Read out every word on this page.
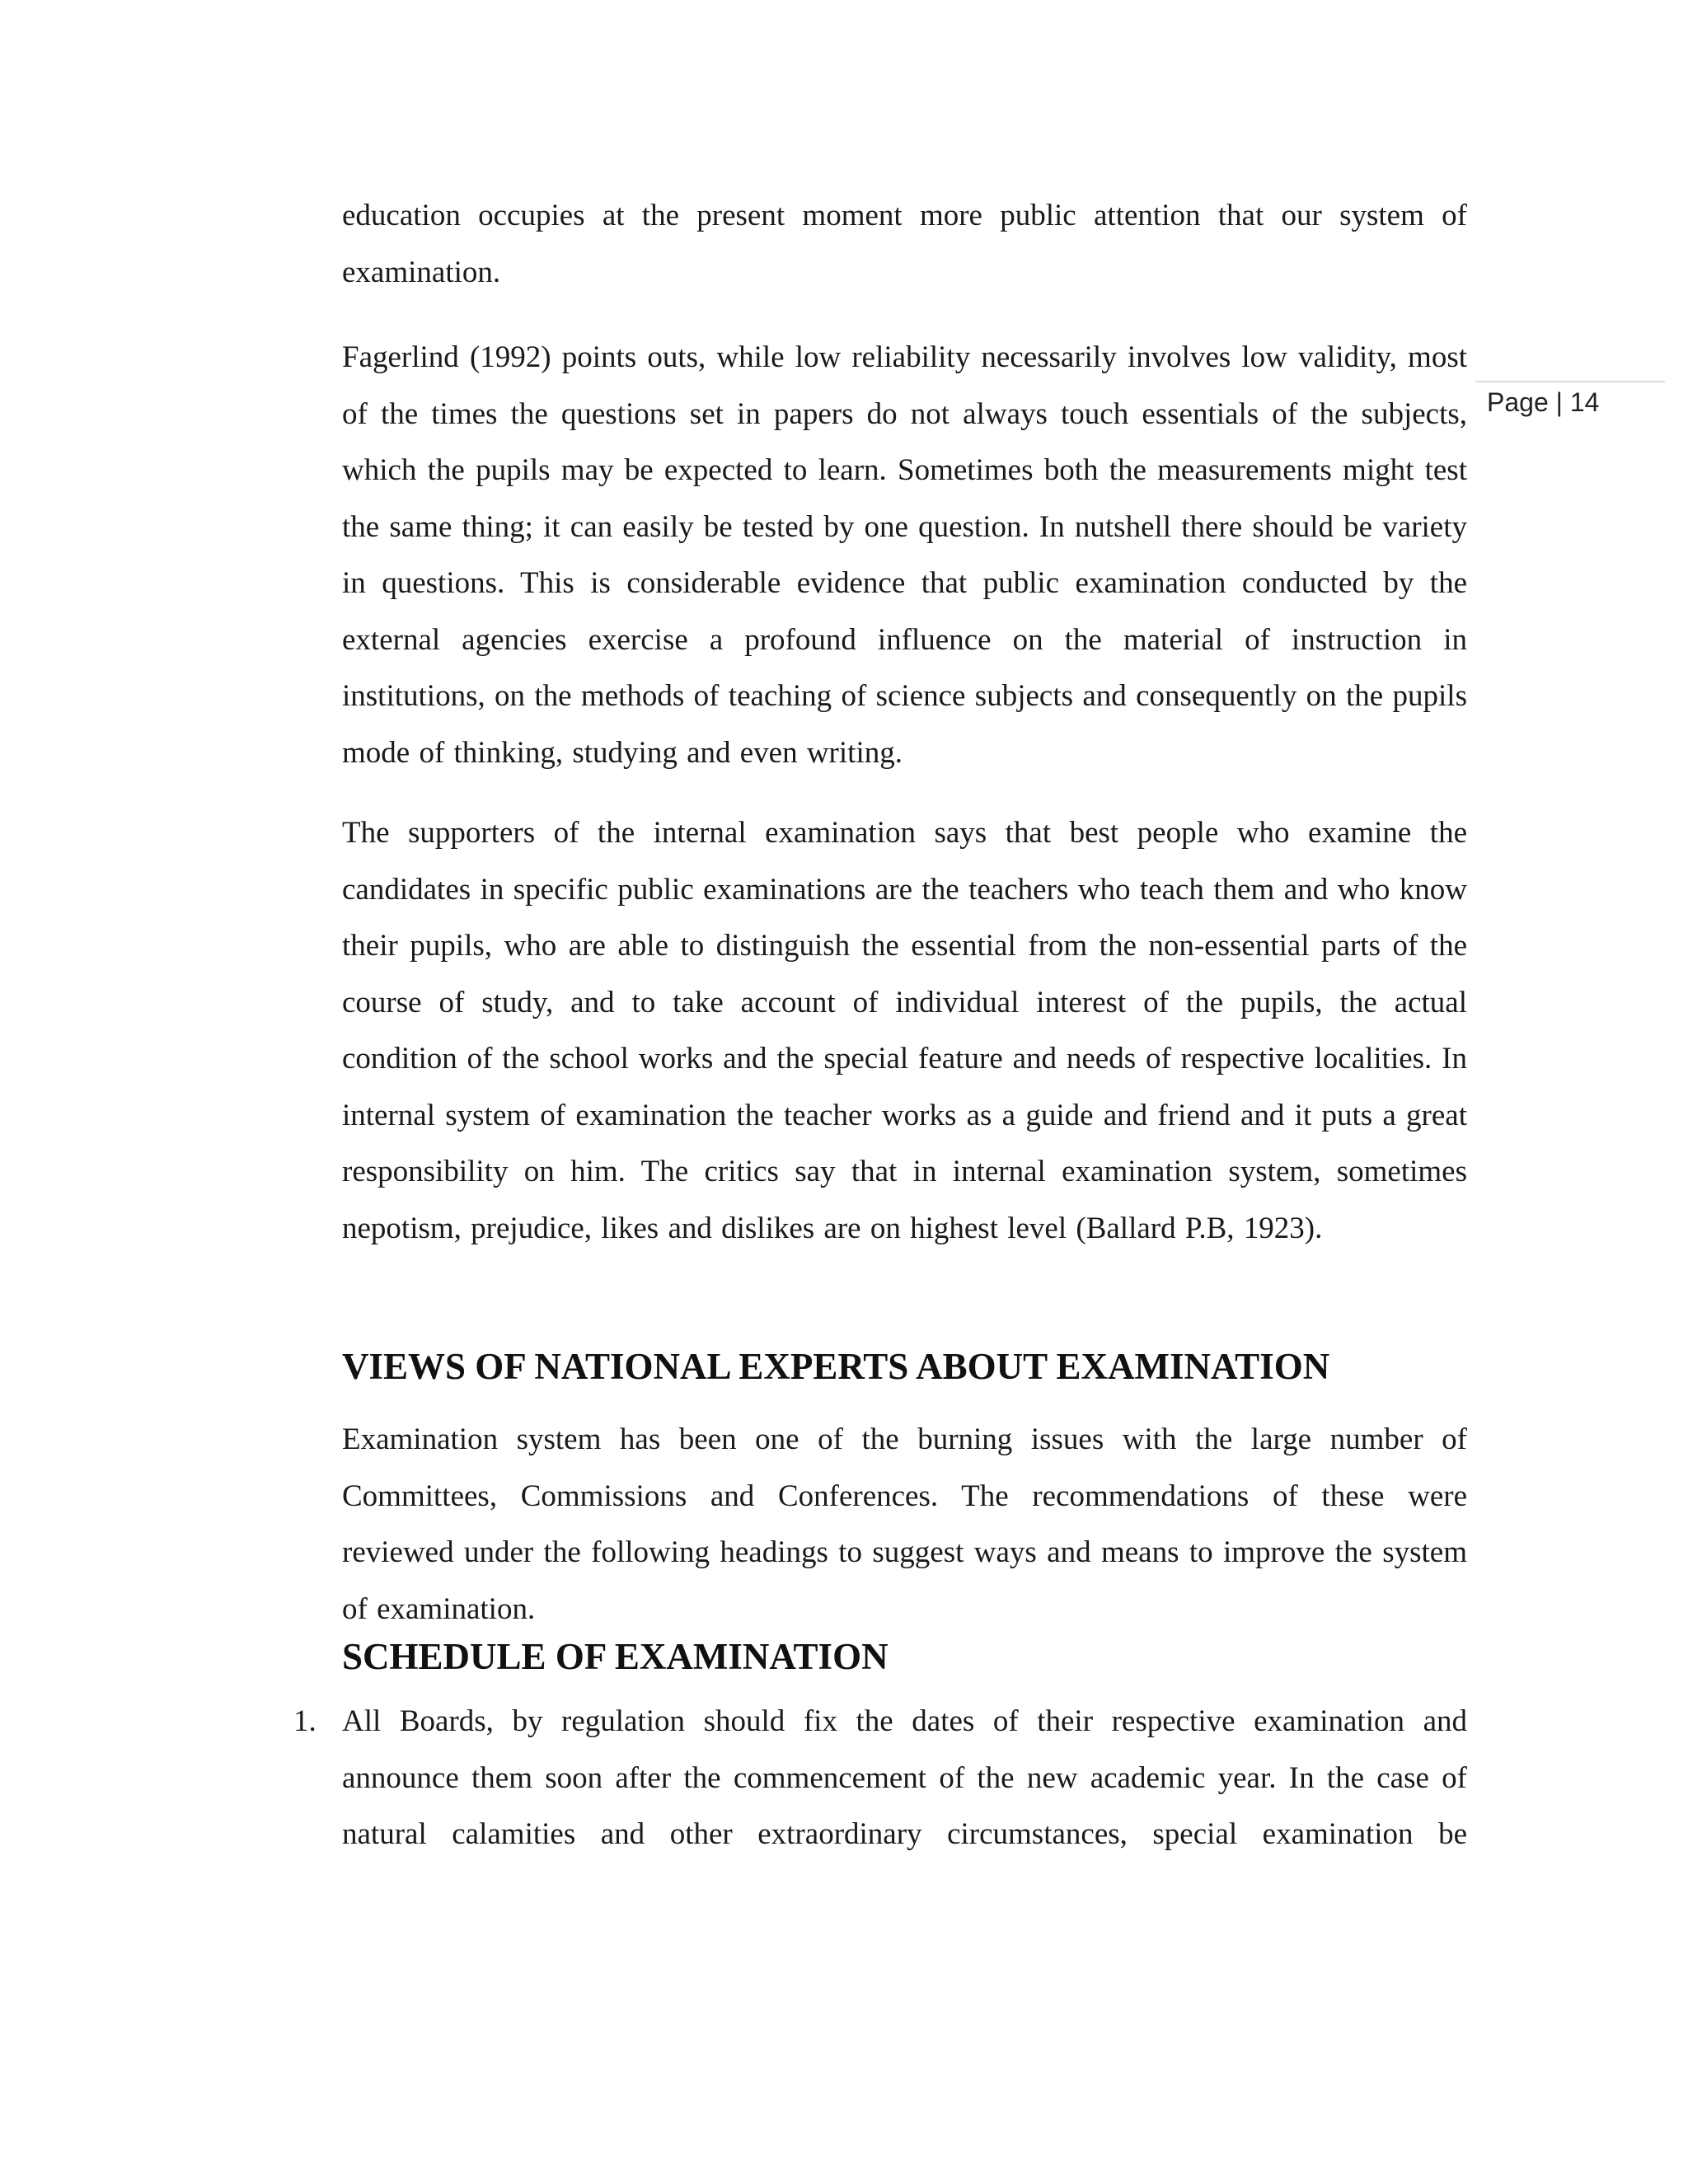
education occupies at the present moment more public attention that our system of examination.

Fagerlind (1992) points outs, while low reliability necessarily involves low validity, most of the times the questions set in papers do not always touch essentials of the subjects, which the pupils may be expected to learn. Sometimes both the measurements might test the same thing; it can easily be tested by one question. In nutshell there should be variety in questions. This is considerable evidence that public examination conducted by the external agencies exercise a profound influence on the material of instruction in institutions, on the methods of teaching of science subjects and consequently on the pupils mode of thinking, studying and even writing.

The supporters of the internal examination says that best people who examine the candidates in specific public examinations are the teachers who teach them and who know their pupils, who are able to distinguish the essential from the non-essential parts of the course of study, and to take account of individual interest of the pupils, the actual condition of the school works and the special feature and needs of respective localities. In internal system of examination the teacher works as a guide and friend and it puts a great responsibility on him. The critics say that in internal examination system, sometimes nepotism, prejudice, likes and dislikes are on highest level (Ballard P.B, 1923).

VIEWS OF NATIONAL EXPERTS ABOUT EXAMINATION

Examination system has been one of the burning issues with the large number of Committees, Commissions and Conferences. The recommendations of these were reviewed under the following headings to suggest ways and means to improve the system of examination.

SCHEDULE OF EXAMINATION
1. All Boards, by regulation should fix the dates of their respective examination and announce them soon after the commencement of the new academic year. In the case of natural calamities and other extraordinary circumstances, special examination be

Page | 14
